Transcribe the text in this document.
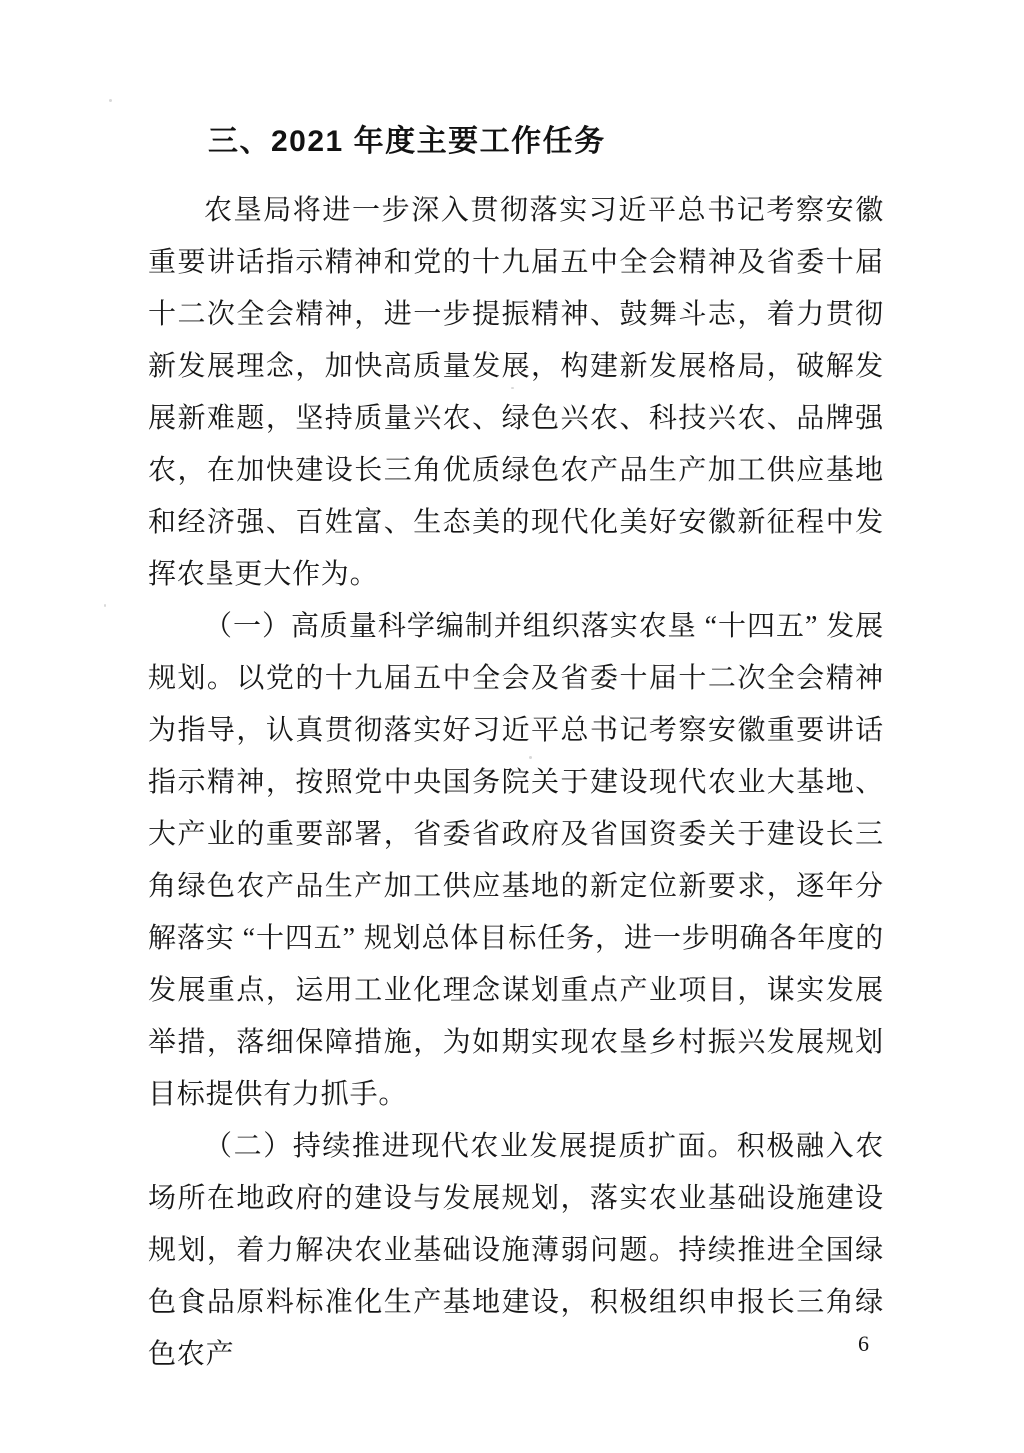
三、2021 年度主要工作任务

农垦局将进一步深入贯彻落实习近平总书记考察安徽重要讲话指示精神和党的十九届五中全会精神及省委十届十二次全会精神，进一步提振精神、鼓舞斗志，着力贯彻新发展理念，加快高质量发展，构建新发展格局，破解发展新难题，坚持质量兴农、绿色兴农、科技兴农、品牌强农，在加快建设长三角优质绿色农产品生产加工供应基地和经济强、百姓富、生态美的现代化美好安徽新征程中发挥农垦更大作为。

（一）高质量科学编制并组织落实农垦 “十四五” 发展规划。以党的十九届五中全会及省委十届十二次全会精神为指导，认真贯彻落实好习近平总书记考察安徽重要讲话指示精神，按照党中央国务院关于建设现代农业大基地、大产业的重要部署，省委省政府及省国资委关于建设长三角绿色农产品生产加工供应基地的新定位新要求，逐年分解落实 “十四五” 规划总体目标任务，进一步明确各年度的发展重点，运用工业化理念谋划重点产业项目，谋实发展举措，落细保障措施，为如期实现农垦乡村振兴发展规划目标提供有力抓手。

（二）持续推进现代农业发展提质扩面。积极融入农场所在地政府的建设与发展规划，落实农业基础设施建设规划，着力解决农业基础设施薄弱问题。持续推进全国绿色食品原料标准化生产基地建设，积极组织申报长三角绿色农产	6
